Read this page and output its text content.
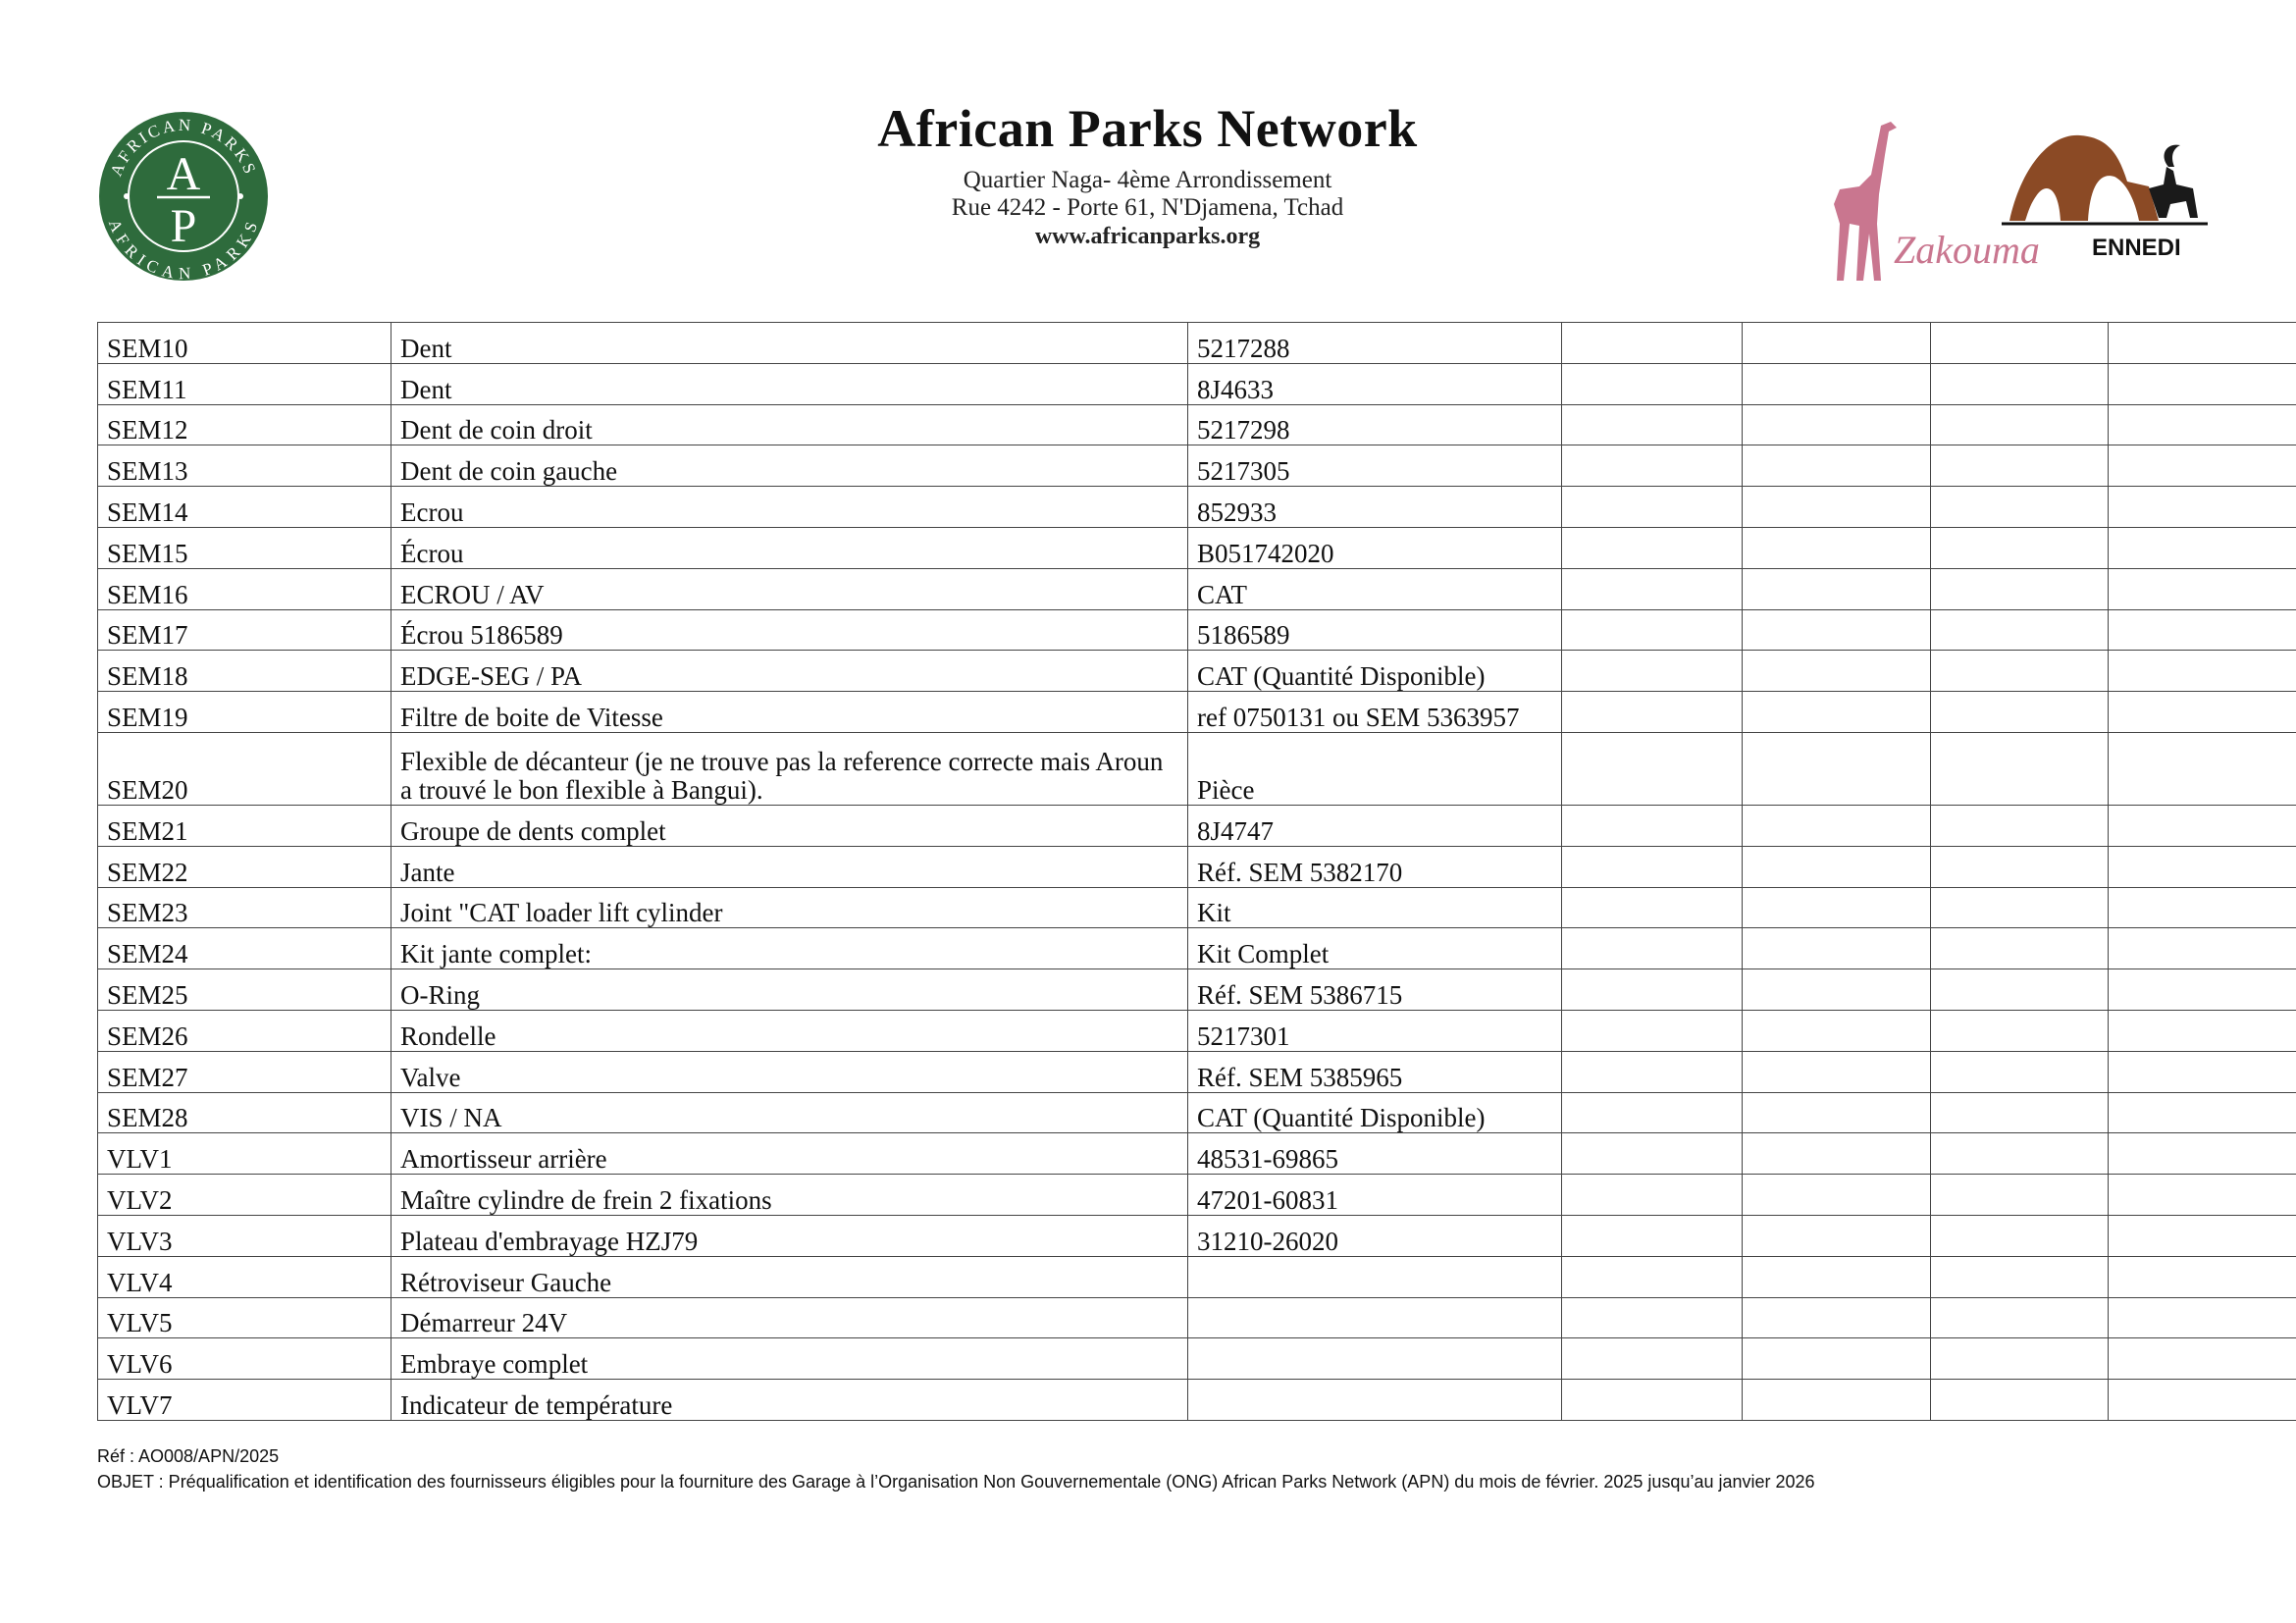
AFRICAN PARKS
AFRICAN PARKS
A
P
African Parks Network
Quartier Naga- 4ème Arrondissement
Rue 4242 - Porte 61, N'Djamena, Tchad
www.africanparks.org	Zakouma ENNEDI
SEM10	Dent	5217288				
SEM11	Dent	8J4633				
SEM12	Dent de coin droit	5217298				
SEM13	Dent de coin gauche	5217305				
SEM14	Ecrou	852933				
SEM15	Écrou	B051742020				
SEM16	ECROU / AV	CAT				
SEM17	Écrou 5186589	5186589				
SEM18	EDGE-SEG / PA	CAT (Quantité Disponible)				
SEM19	Filtre de boite de Vitesse	ref 0750131 ou SEM 5363957				
SEM20	Flexible de décanteur (je ne trouve pas la reference correcte mais Aroun a trouvé le bon flexible à Bangui).	Pièce				
SEM21	Groupe de dents complet	8J4747				
SEM22	Jante	Réf. SEM 5382170				
SEM23	Joint "CAT loader lift cylinder	Kit				
SEM24	Kit jante complet:	Kit Complet				
SEM25	O-Ring	Réf. SEM 5386715				
SEM26	Rondelle	5217301				
SEM27	Valve	Réf. SEM 5385965				
SEM28	VIS / NA	CAT (Quantité Disponible)				
VLV1	Amortisseur arrière	48531-69865				
VLV2	Maître cylindre de frein 2 fixations	47201-60831				
VLV3	Plateau d'embrayage HZJ79	31210-26020				
VLV4	Rétroviseur Gauche					
VLV5	Démarreur 24V					
VLV6	Embraye complet					
VLV7	Indicateur de température					
Réf : AO008/APN/2025
OBJET : Préqualification et identification des fournisseurs éligibles pour la fourniture des Garage à l’Organisation Non Gouvernementale (ONG) African Parks Network (APN) du mois de février. 2025 jusqu’au janvier 2026
